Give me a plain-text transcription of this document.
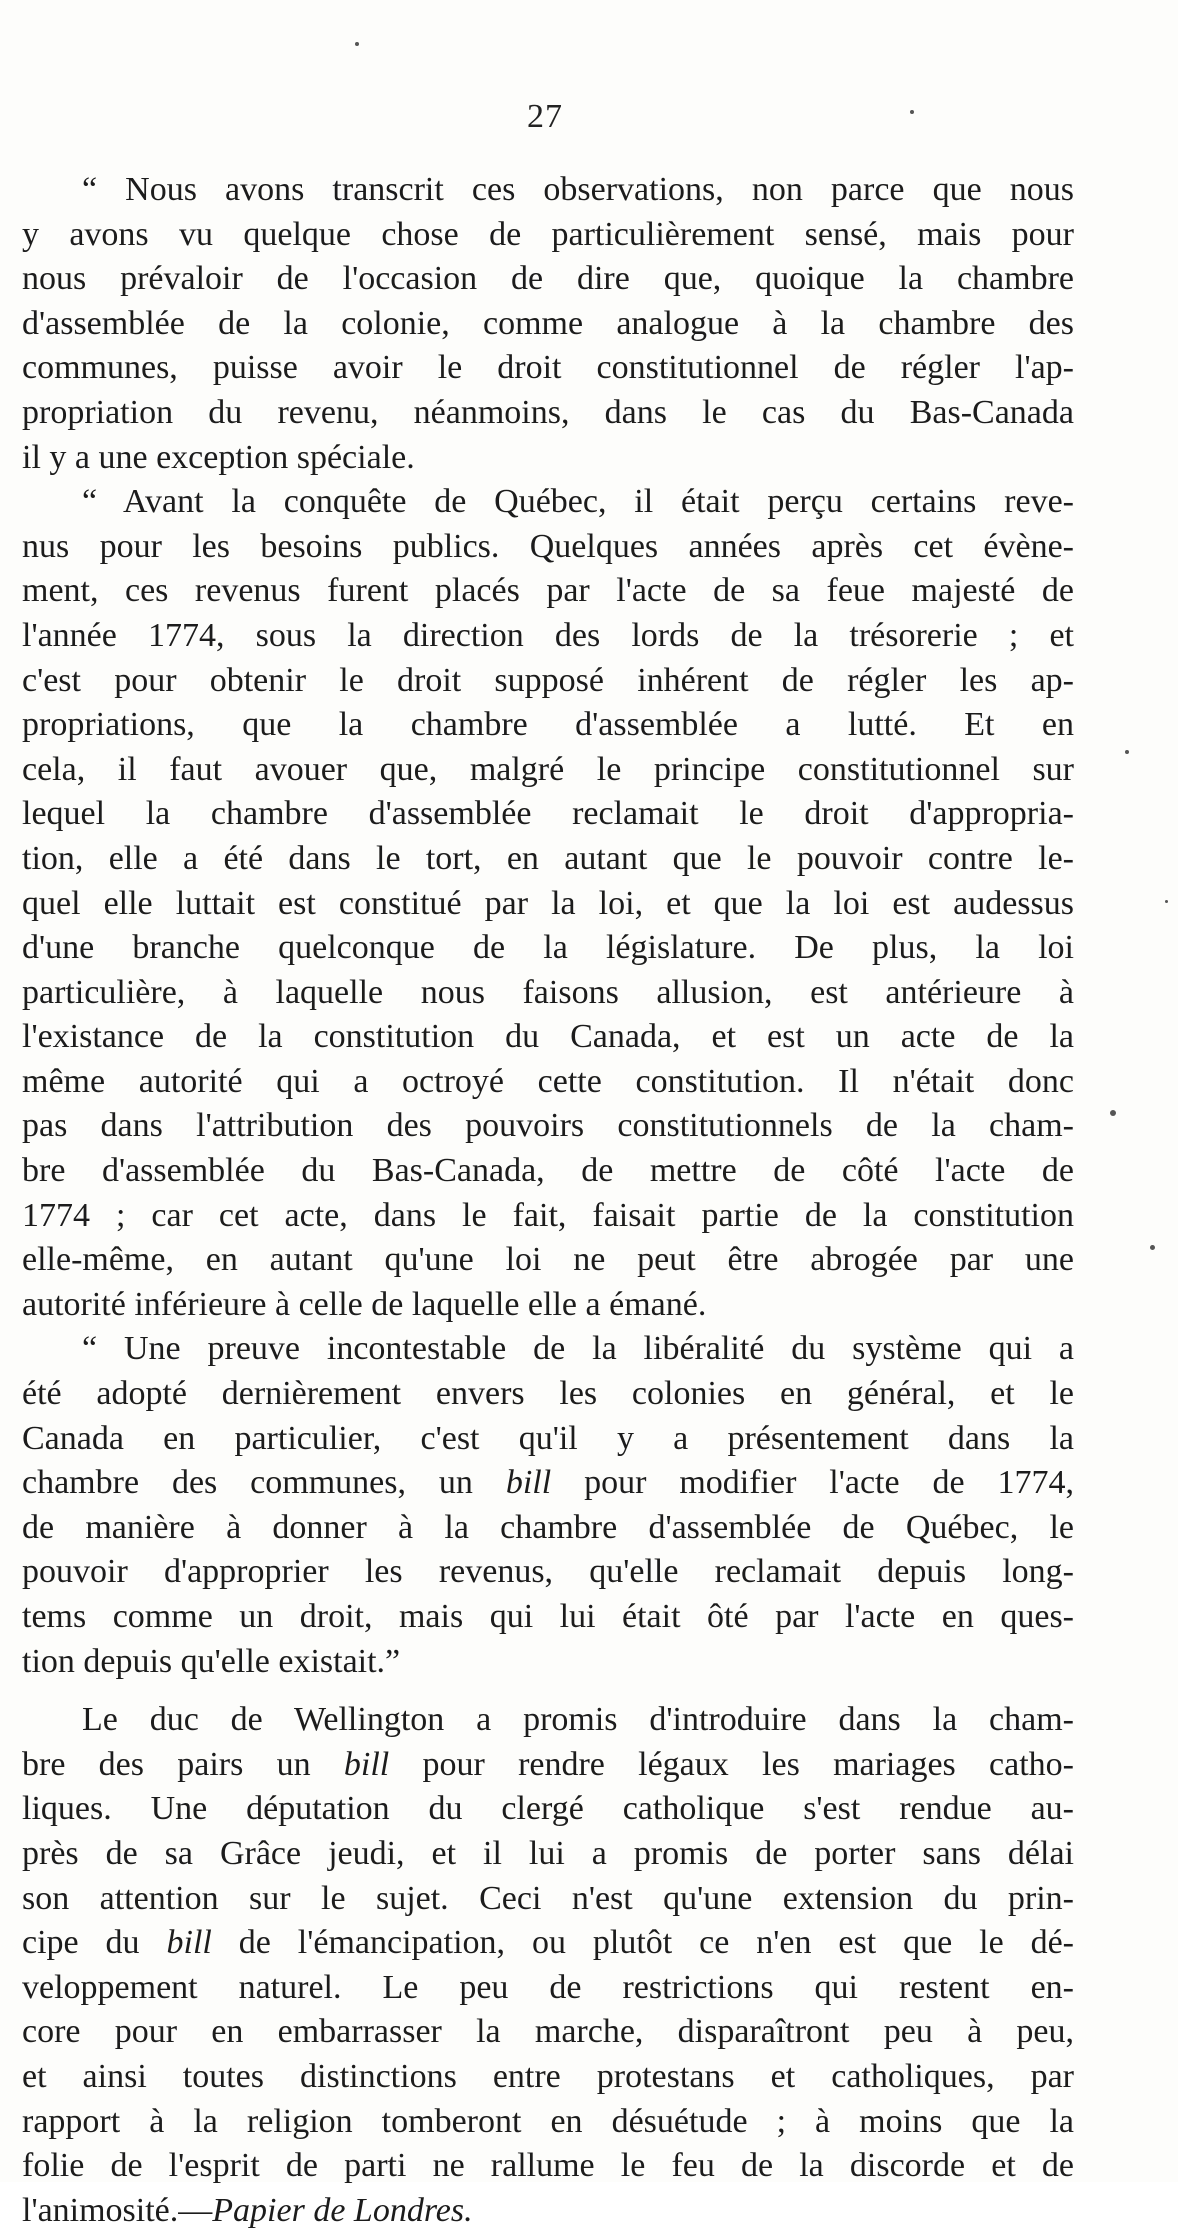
27
“ Nous avons transcrit ces observations, non parce que nous
y avons vu quelque chose de particulièrement sensé, mais pour
nous prévaloir de l'occasion de dire que, quoique la chambre
d'assemblée de la colonie, comme analogue à la chambre des
communes, puisse avoir le droit constitutionnel de régler l'ap-
propriation du revenu, néanmoins, dans le cas du Bas-Canada
il y a une exception spéciale.
“ Avant la conquête de Québec, il était perçu certains reve-
nus pour les besoins publics. Quelques années après cet évène-
ment, ces revenus furent placés par l'acte de sa feue majesté de
l'année 1774, sous la direction des lords de la trésorerie ; et
c'est pour obtenir le droit supposé inhérent de régler les ap-
propriations, que la chambre d'assemblée a lutté. Et en
cela, il faut avouer que, malgré le principe constitutionnel sur
lequel la chambre d'assemblée reclamait le droit d'appropria-
tion, elle a été dans le tort, en autant que le pouvoir contre le-
quel elle luttait est constitué par la loi, et que la loi est audessus
d'une branche quelconque de la législature. De plus, la loi
particulière, à laquelle nous faisons allusion, est antérieure à
l'existance de la constitution du Canada, et est un acte de la
même autorité qui a octroyé cette constitution. Il n'était donc
pas dans l'attribution des pouvoirs constitutionnels de la cham-
bre d'assemblée du Bas-Canada, de mettre de côté l'acte de
1774 ; car cet acte, dans le fait, faisait partie de la constitution
elle-même, en autant qu'une loi ne peut être abrogée par une
autorité inférieure à celle de laquelle elle a émané.
“ Une preuve incontestable de la libéralité du système qui a
été adopté dernièrement envers les colonies en général, et le
Canada en particulier, c'est qu'il y a présentement dans la
chambre des communes, un bill pour modifier l'acte de 1774,
de manière à donner à la chambre d'assemblée de Québec, le
pouvoir d'approprier les revenus, qu'elle reclamait depuis long-
tems comme un droit, mais qui lui était ôté par l'acte en ques-
tion depuis qu'elle existait.”
Le duc de Wellington a promis d'introduire dans la cham-
bre des pairs un bill pour rendre légaux les mariages catho-
liques. Une députation du clergé catholique s'est rendue au-
près de sa Grâce jeudi, et il lui a promis de porter sans délai
son attention sur le sujet. Ceci n'est qu'une extension du prin-
cipe du bill de l'émancipation, ou plutôt ce n'en est que le dé-
veloppement naturel. Le peu de restrictions qui restent en-
core pour en embarrasser la marche, disparaîtront peu à peu,
et ainsi toutes distinctions entre protestans et catholiques, par
rapport à la religion tomberont en désuétude ; à moins que la
folie de l'esprit de parti ne rallume le feu de la discorde et de
l'animosité.—Papier de Londres.
